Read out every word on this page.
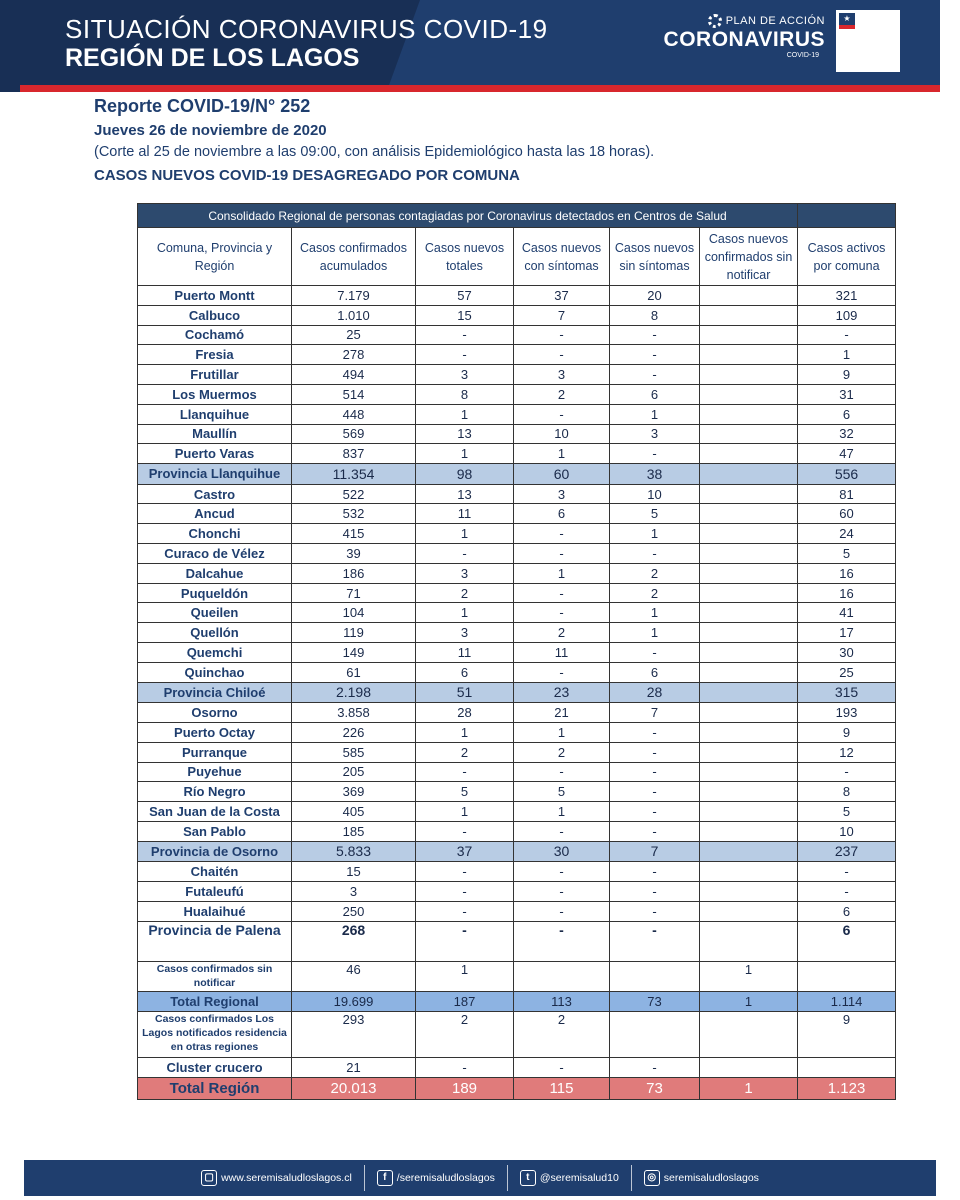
SITUACIÓN CORONAVIRUS COVID-19
REGIÓN DE LOS LAGOS
PLAN DE ACCIÓN
CORONAVIRUS
COVID-19
★
Reporte COVID-19/N° 252
Jueves 26 de noviembre de 2020
(Corte al 25 de noviembre a las 09:00, con análisis Epidemiológico hasta las 18 horas).
CASOS NUEVOS COVID-19 DESAGREGADO POR COMUNA
Consolidado Regional de personas contagiadas por Coronavirus detectados en Centros de Salud						
Comuna, Provincia y Región	Casos confirmados acumulados	Casos nuevos totales	Casos nuevos con síntomas	Casos nuevos sin síntomas	Casos nuevos confirmados sin notificar	Casos activos por comuna
Puerto Montt	7.179	57	37	20		321
Calbuco	1.010	15	7	8		109
Cochamó	25	-	-	-		-
Fresia	278	-	-	-		1
Frutillar	494	3	3	-		9
Los Muermos	514	8	2	6		31
Llanquihue	448	1	-	1		6
Maullín	569	13	10	3		32
Puerto Varas	837	1	1	-		47
Provincia Llanquihue	11.354	98	60	38		556
Castro	522	13	3	10		81
Ancud	532	11	6	5		60
Chonchi	415	1	-	1		24
Curaco de Vélez	39	-	-	-		5
Dalcahue	186	3	1	2		16
Puqueldón	71	2	-	2		16
Queilen	104	1	-	1		41
Quellón	119	3	2	1		17
Quemchi	149	11	11	-		30
Quinchao	61	6	-	6		25
Provincia Chiloé	2.198	51	23	28		315
Osorno	3.858	28	21	7		193
Puerto Octay	226	1	1	-		9
Purranque	585	2	2	-		12
Puyehue	205	-	-	-		-
Río Negro	369	5	5	-		8
San Juan de la Costa	405	1	1	-		5
San Pablo	185	-	-	-		10
Provincia de Osorno	5.833	37	30	7		237
Chaitén	15	-	-	-		-
Futaleufú	3	-	-	-		-
Hualaihué	250	-	-	-		6
Provincia de Palena	268	-	-	-		6
Casos confirmados sin notificar	46	1			1	
Total Regional	19.699	187	113	73	1	1.114
Casos confirmados Los Lagos notificados residencia en otras regiones	293	2	2			9
Cluster crucero	21	-	-	-		
Total Región	20.013	189	115	73	1	1.123
▢ www.seremisaludloslagos.cl	f /seremisaludloslagos	t @seremisalud10	◎ seremisaludloslagos
